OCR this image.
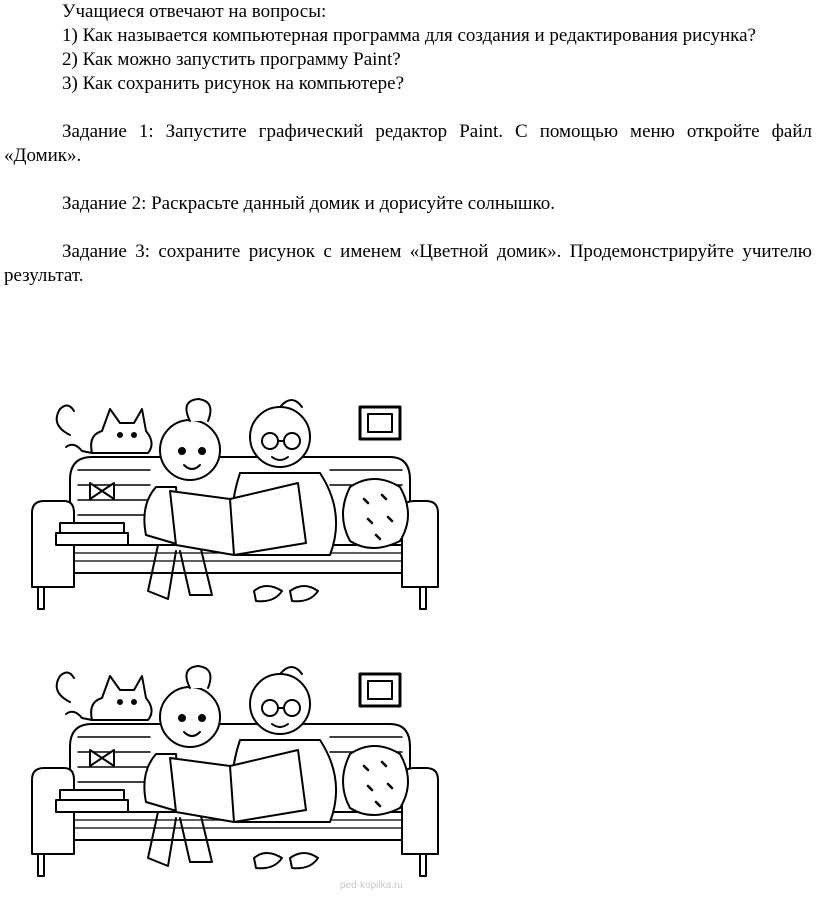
Учащиеся отвечают на вопросы:

1) Как называется компьютерная программа для создания и редактирования рисунка?

2) Как можно запустить программу Paint?

3) Как сохранить рисунок на компьютере?

Задание 1: Запустите графический редактор Paint. С помощью меню откройте файл «Домик».

Задание 2: Раскрасьте данный домик и дорисуйте солнышко.

Задание 3: сохраните рисунок с именем «Цветной домик». Продемонстрируйте учителю результат.

ped-kopilka.ru
